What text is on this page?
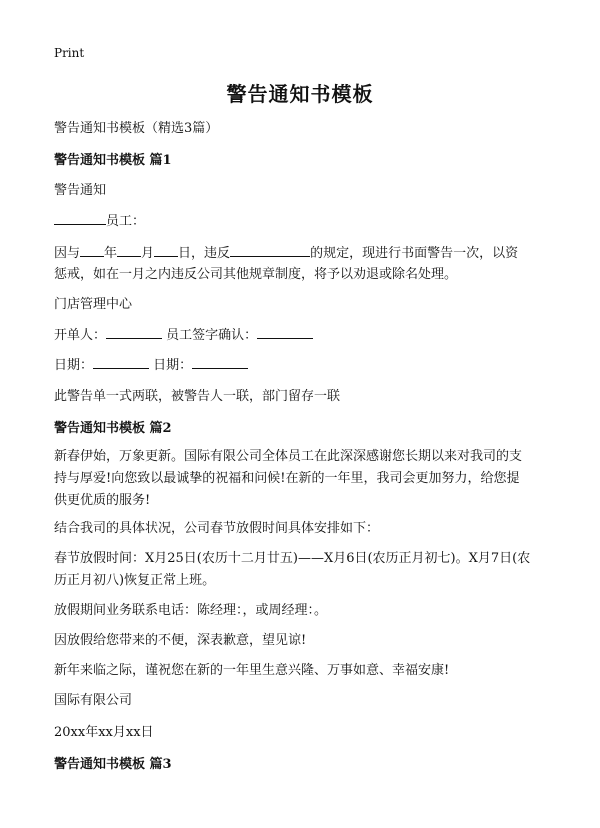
Print
警告通知书模板
警告通知书模板（精选3篇）
警告通知书模板 篇1
警告通知
员工：
因与 年 月 日，违反	的规定，现进行书面警告一次，以资
惩戒，如在一月之内违反公司其他规章制度，将予以劝退或除名处理。
门店管理中心
开单人：	员工签字确认：
日期：	日期：
此警告单一式两联，被警告人一联，部门留存一联
警告通知书模板 篇2
新春伊始，万象更新。国际有限公司全体员工在此深深感谢您长期以来对我司的支
持与厚爱!向您致以最诚挚的祝福和问候!在新的一年里，我司会更加努力，给您提
供更优质的服务!
结合我司的具体状况，公司春节放假时间具体安排如下：
春节放假时间：X月25日(农历十二月廿五)——X月6日(农历正月初七)。X月7日(农
历正月初八)恢复正常上班。
放假期间业务联系电话：陈经理：，或周经理：。
因放假给您带来的不便，深表歉意，望见谅!
新年来临之际，谨祝您在新的一年里生意兴隆、万事如意、幸福安康!
国际有限公司
20xx年xx月xx日
警告通知书模板 篇3
